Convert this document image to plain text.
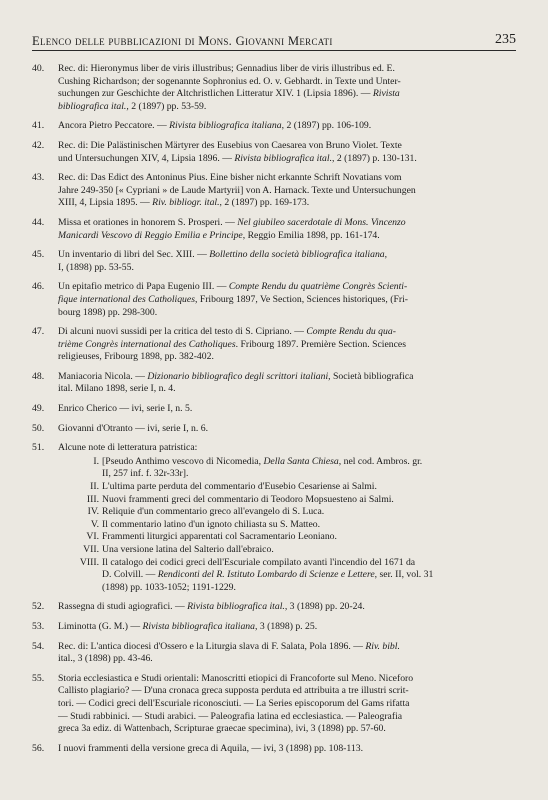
Elenco delle pubblicazioni di Mons. Giovanni Mercati	235
40.	Rec. di: Hieronymus liber de viris illustribus; Gennadius liber de viris illustribus ed. E.
Cushing Richardson; der sogenannte Sophronius ed. O. v. Gebhardt. in Texte und Unter-
suchungen zur Geschichte der Altchristlichen Litteratur XIV. 1 (Lipsia 1896). — Rivista
bibliografica ital., 2 (1897) pp. 53-59.
41.	Ancora Pietro Peccatore. — Rivista bibliografica italiana, 2 (1897) pp. 106-109.
42.	Rec. di: Die Palästinischen Märtyrer des Eusebius von Caesarea von Bruno Violet. Texte
und Untersuchungen XIV, 4, Lipsia 1896. — Rivista bibliografica ital., 2 (1897) p. 130-131.
43.	Rec. di: Das Edict des Antoninus Pius. Eine bisher nicht erkannte Schrift Novatians vom
Jahre 249-350 [« Cypriani » de Laude Martyrii] von A. Harnack. Texte und Untersuchungen
XIII, 4, Lipsia 1895. — Riv. bibliogr. ital., 2 (1897) pp. 169-173.
44.	Missa et orationes in honorem S. Prosperi. — Nel giubileo sacerdotale di Mons. Vincenzo
Manicardi Vescovo di Reggio Emilia e Principe, Reggio Emilia 1898, pp. 161-174.
45.	Un inventario di libri del Sec. XIII. — Bollettino della società bibliografica italiana,
I, (1898) pp. 53-55.
46.	Un epitafio metrico di Papa Eugenio III. — Compte Rendu du quatrième Congrès Scienti-
fique international des Catholiques, Fribourg 1897, Ve Section, Sciences historiques, (Fri-
bourg 1898) pp. 298-300.
47.	Di alcuni nuovi sussidi per la critica del testo di S. Cipriano. — Compte Rendu du qua-
trième Congrès international des Catholiques. Fribourg 1897. Première Section. Sciences
religieuses, Fribourg 1898, pp. 382-402.
48.	Maniacoria Nicola. — Dizionario bibliografico degli scrittori italiani, Società bibliografica
ital. Milano 1898, serie I, n. 4.
49.	Enrico Cherico — ivi, serie I, n. 5.
50.	Giovanni d'Otranto — ivi, serie I, n. 6.
51.	Alcune note di letteratura patristica:
I. [Pseudo Anthimo vescovo di Nicomedia, Della Santa Chiesa, nel cod. Ambros. gr.
II, 257 inf. f. 32r-33r].
II. L'ultima parte perduta del commentario d'Eusebio Cesariense ai Salmi.
III. Nuovi frammenti greci del commentario di Teodoro Mopsuesteno ai Salmi.
IV. Reliquie d'un commentario greco all'evangelo di S. Luca.
V. Il commentario latino d'un ignoto chiliasta su S. Matteo.
VI. Frammenti liturgici apparentati col Sacramentario Leoniano.
VII. Una versione latina del Salterio dall'ebraico.
VIII. Il catalogo dei codici greci dell'Escuriale compilato avanti l'incendio del 1671 da
D. Colvill. — Rendiconti del R. Istituto Lombardo di Scienze e Lettere, ser. II, vol. 31
(1898) pp. 1033-1052; 1191-1229.
52.	Rassegna di studi agiografici. — Rivista bibliografica ital., 3 (1898) pp. 20-24.
53.	Liminotta (G. M.) — Rivista bibliografica italiana, 3 (1898) p. 25.
54.	Rec. di: L'antica diocesi d'Ossero e la Liturgia slava di F. Salata, Pola 1896. — Riv. bibl.
ital., 3 (1898) pp. 43-46.
55.	Storia ecclesiastica e Studi orientali: Manoscritti etiopici di Francoforte sul Meno. Niceforo
Callisto plagiario? — D'una cronaca greca supposta perduta ed attribuita a tre illustri scrit-
tori. — Codici greci dell'Escuriale riconosciuti. — La Series episcoporum del Gams rifatta
— Studi rabbinici. — Studi arabici. — Paleografia latina ed ecclesiastica. — Paleografia
greca 3a ediz. di Wattenbach, Scripturae graecae specimina), ivi, 3 (1898) pp. 57-60.
56.	I nuovi frammenti della versione greca di Aquila, — ivi, 3 (1898) pp. 108-113.
